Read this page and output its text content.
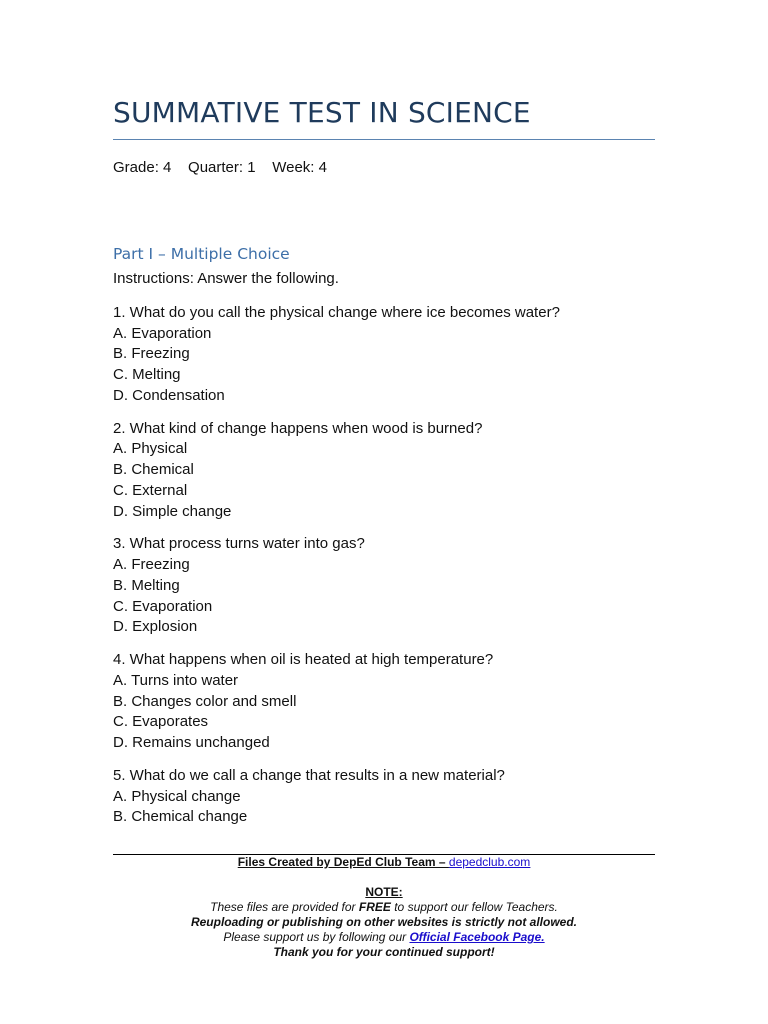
SUMMATIVE TEST IN SCIENCE
Grade: 4    Quarter: 1    Week: 4
Part I – Multiple Choice
Instructions: Answer the following.
1. What do you call the physical change where ice becomes water?
A. Evaporation
B. Freezing
C. Melting
D. Condensation
2. What kind of change happens when wood is burned?
A. Physical
B. Chemical
C. External
D. Simple change
3. What process turns water into gas?
A. Freezing
B. Melting
C. Evaporation
D. Explosion
4. What happens when oil is heated at high temperature?
A. Turns into water
B. Changes color and smell
C. Evaporates
D. Remains unchanged
5. What do we call a change that results in a new material?
A. Physical change
B. Chemical change
Files Created by DepEd Club Team – depedclub.com
NOTE:
These files are provided for FREE to support our fellow Teachers.
Reuploading or publishing on other websites is strictly not allowed.
Please support us by following our Official Facebook Page.
Thank you for your continued support!
